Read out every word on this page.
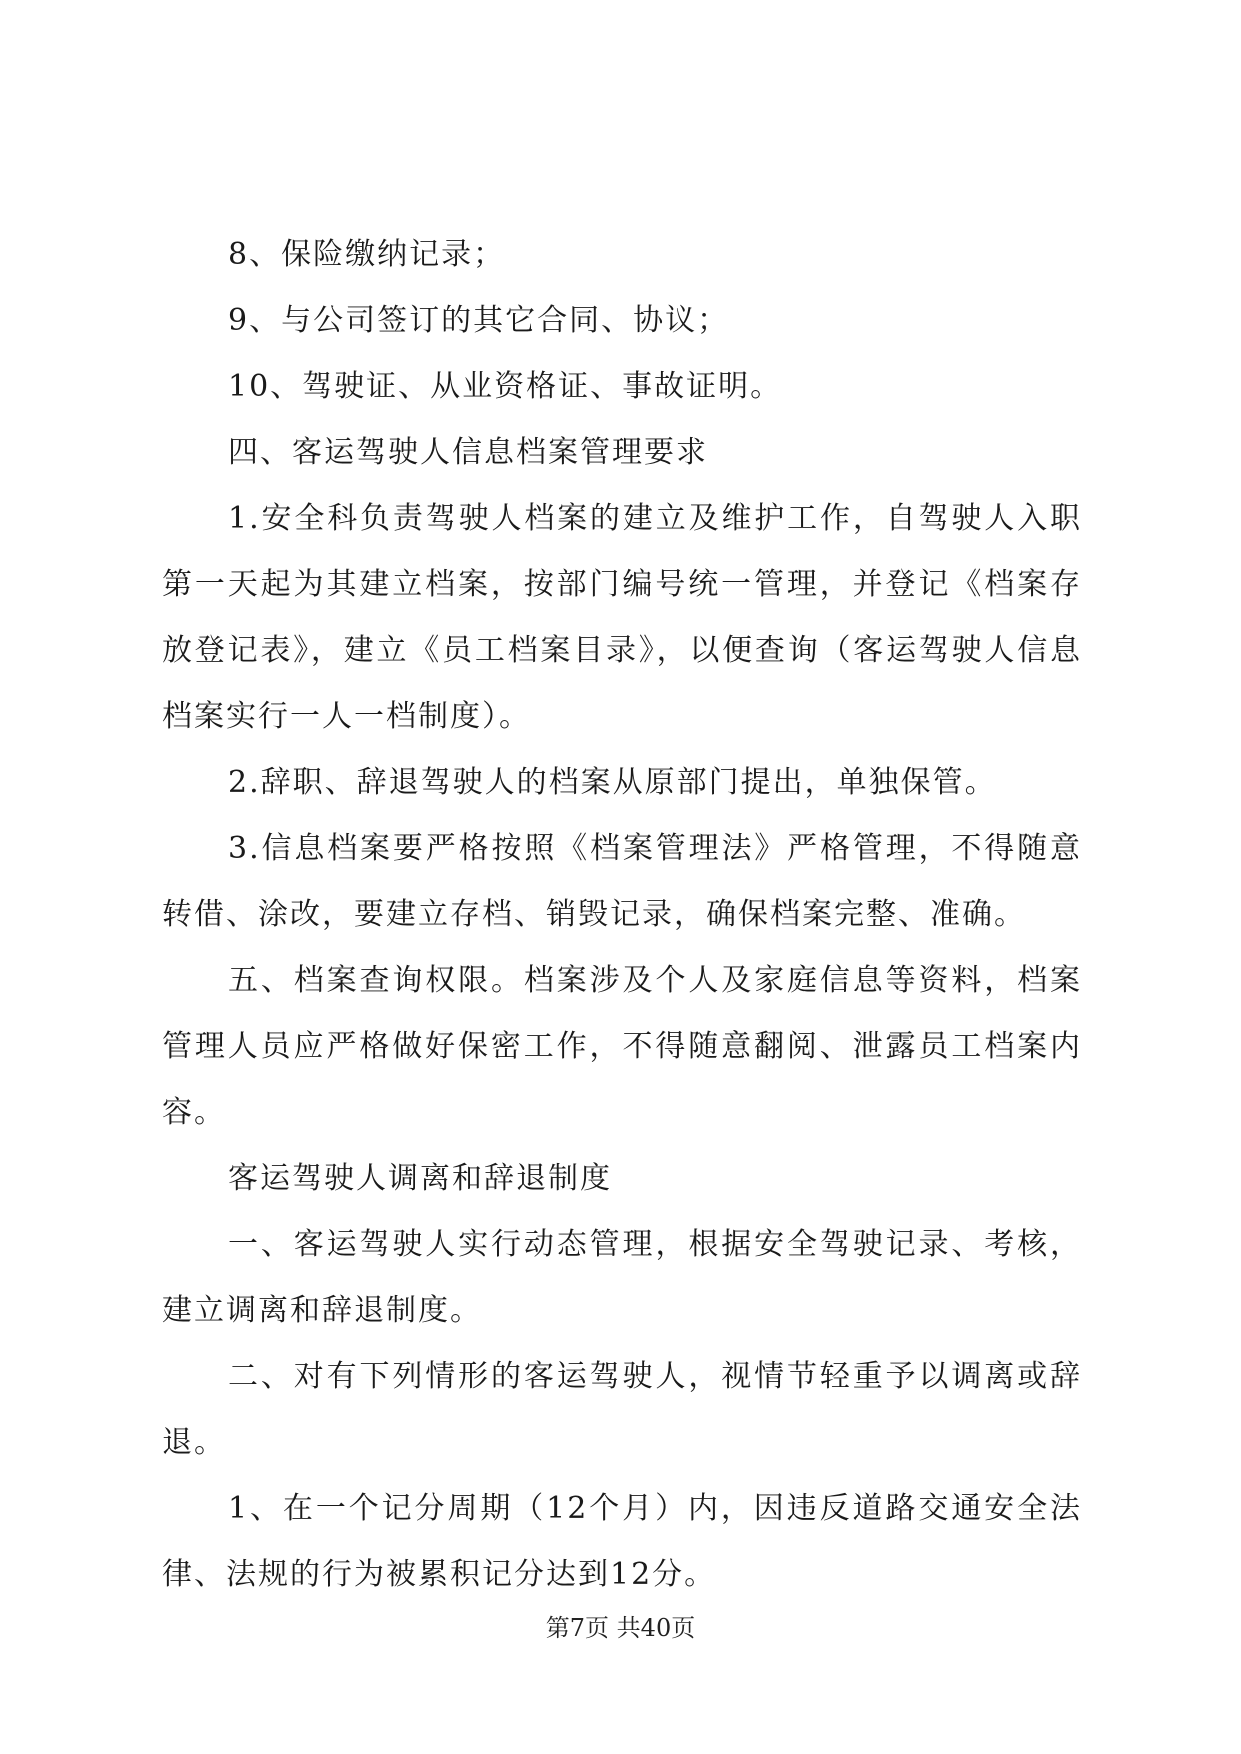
8、保险缴纳记录；

9、与公司签订的其它合同、协议；

10、驾驶证、从业资格证、事故证明。

四、客运驾驶人信息档案管理要求

1.安全科负责驾驶人档案的建立及维护工作，自驾驶人入职第一天起为其建立档案，按部门编号统一管理，并登记《档案存放登记表》，建立《员工档案目录》，以便查询（客运驾驶人信息档案实行一人一档制度）。

2.辞职、辞退驾驶人的档案从原部门提出，单独保管。

3.信息档案要严格按照《档案管理法》严格管理，不得随意转借、涂改，要建立存档、销毁记录，确保档案完整、准确。

五、档案查询权限。档案涉及个人及家庭信息等资料，档案管理人员应严格做好保密工作，不得随意翻阅、泄露员工档案内容。

客运驾驶人调离和辞退制度

一、客运驾驶人实行动态管理，根据安全驾驶记录、考核，建立调离和辞退制度。

二、对有下列情形的客运驾驶人，视情节轻重予以调离或辞退。

1、在一个记分周期（12个月）内，因违反道路交通安全法律、法规的行为被累积记分达到12分。

第7页 共40页
